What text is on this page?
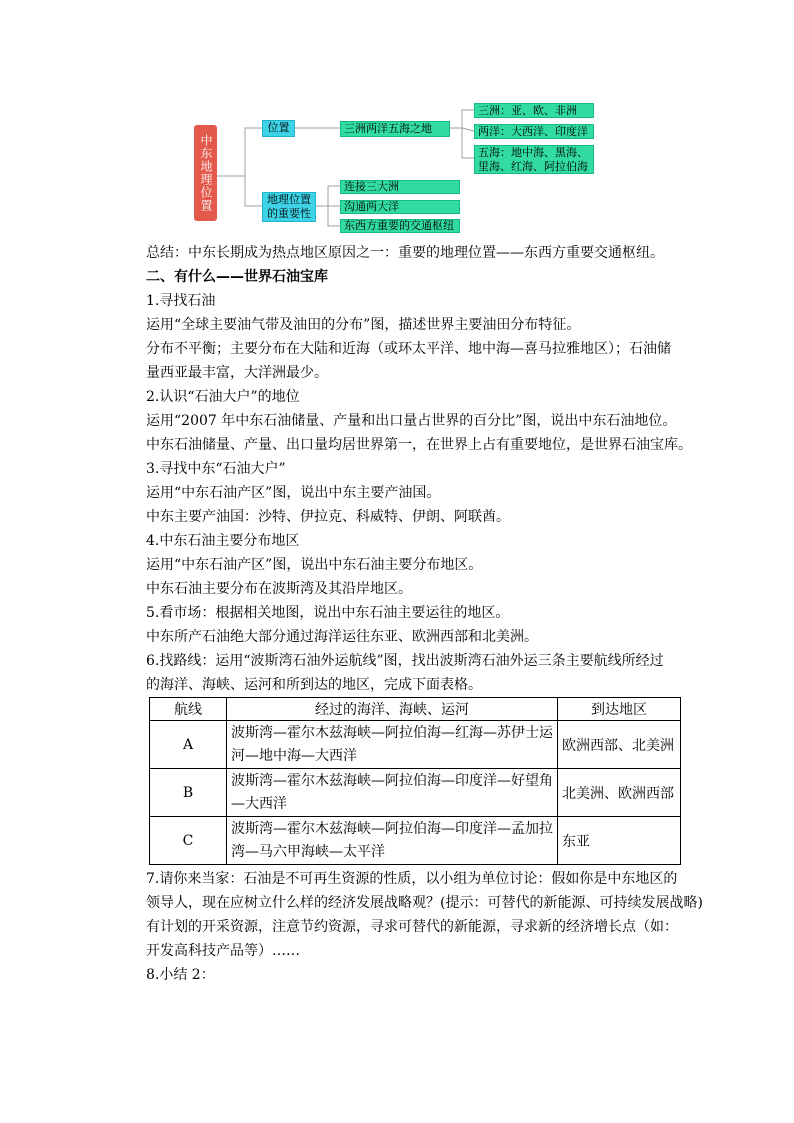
中东地理位置
位置	三洲两洋五海之地
三洲：亚、欧、非洲
两洋：大西洋、印度洋
五海：地中海、黑海、
里海、红海、阿拉伯海
地理位置
的重要性
连接三大洲
沟通两大洋
东西方重要的交通枢纽
总结：中东长期成为热点地区原因之一：重要的地理位置——东西方重要交通枢纽。
二、有什么——世界石油宝库
1.寻找石油
运用“全球主要油气带及油田的分布”图，描述世界主要油田分布特征。
分布不平衡；主要分布在大陆和近海（或环太平洋、地中海—喜马拉雅地区）；石油储
量西亚最丰富，大洋洲最少。
2.认识“石油大户”的地位
运用“2007 年中东石油储量、产量和出口量占世界的百分比”图，说出中东石油地位。
中东石油储量、产量、出口量均居世界第一，在世界上占有重要地位，是世界石油宝库。
3.寻找中东“石油大户”
运用“中东石油产区”图，说出中东主要产油国。
中东主要产油国：沙特、伊拉克、科威特、伊朗、阿联酋。
4.中东石油主要分布地区
运用“中东石油产区”图，说出中东石油主要分布地区。
中东石油主要分布在波斯湾及其沿岸地区。
5.看市场：根据相关地图，说出中东石油主要运往的地区。
中东所产石油绝大部分通过海洋运往东亚、欧洲西部和北美洲。
6.找路线：运用“波斯湾石油外运航线”图，找出波斯湾石油外运三条主要航线所经过
的海洋、海峡、运河和所到达的地区，完成下面表格。
航线	经过的海洋、海峡、运河	到达地区
A	波斯湾—霍尔木兹海峡—阿拉伯海—红海—苏伊士运
河—地中海—大西洋	欧洲西部、北美洲
B	波斯湾—霍尔木兹海峡—阿拉伯海—印度洋—好望角
—大西洋	北美洲、欧洲西部
C	波斯湾—霍尔木兹海峡—阿拉伯海—印度洋—孟加拉
湾—马六甲海峡—太平洋	东亚
7.请你来当家：石油是不可再生资源的性质，以小组为单位讨论：假如你是中东地区的
领导人，现在应树立什么样的经济发展战略观？(提示：可替代的新能源、可持续发展战略)
有计划的开采资源，注意节约资源，寻求可替代的新能源，寻求新的经济增长点（如：
开发高科技产品等）……
8.小结 2：
